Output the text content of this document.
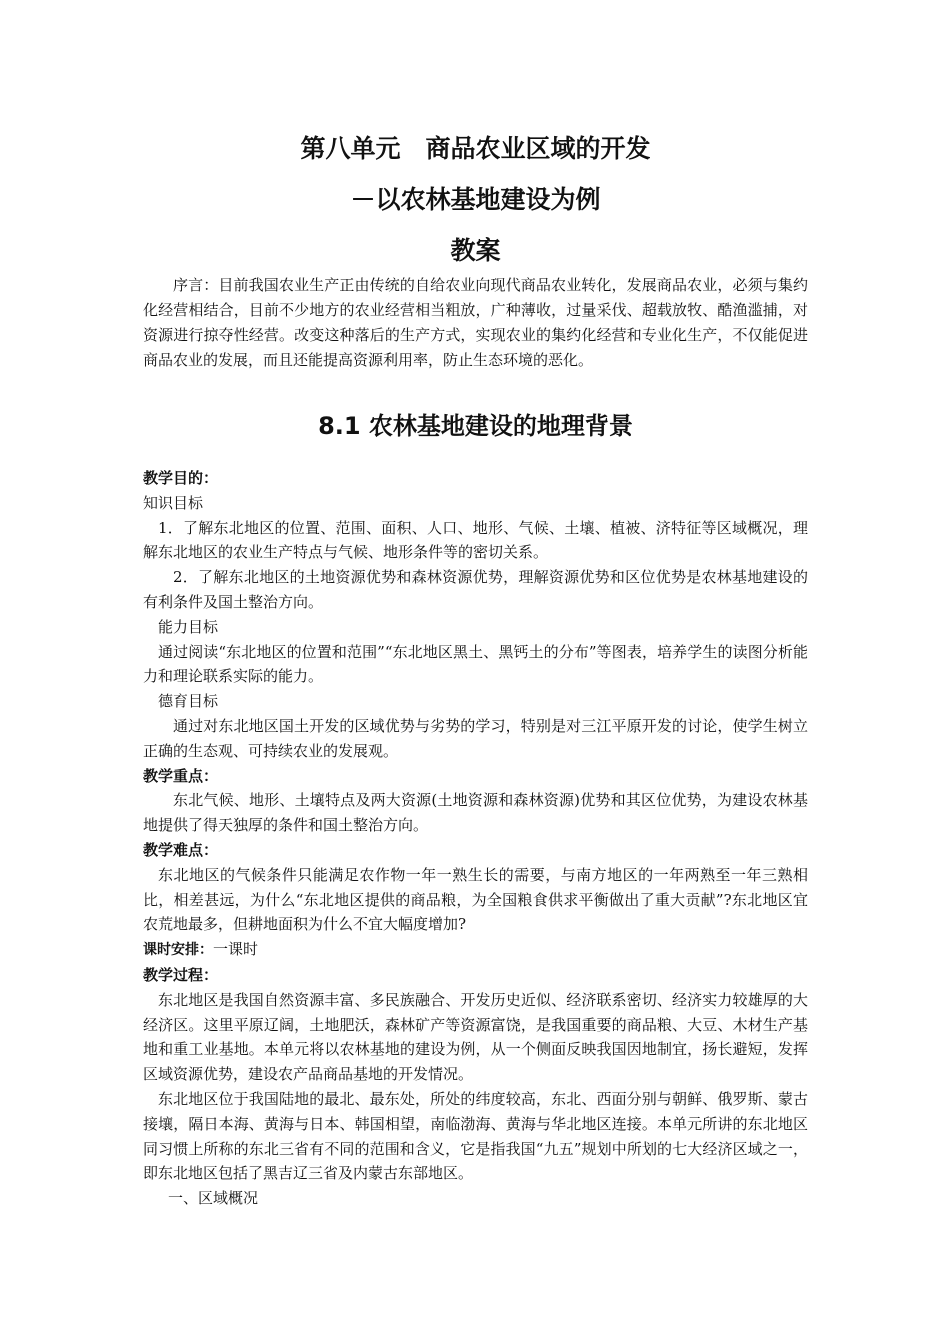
第八单元　商品农业区域的开发
－以农林基地建设为例
教案

序言：目前我国农业生产正由传统的自给农业向现代商品农业转化，发展商品农业，必须与集约化经营相结合，目前不少地方的农业经营相当粗放，广种薄收，过量采伐、超载放牧、酷渔滥捕，对资源进行掠夺性经营。改变这种落后的生产方式，实现农业的集约化经营和专业化生产，不仅能促进商品农业的发展，而且还能提高资源利用率，防止生态环境的恶化。

8.1 农林基地建设的地理背景

教学目的：

知识目标

1．了解东北地区的位置、范围、面积、人口、地形、气候、土壤、植被、济特征等区域概况，理解东北地区的农业生产特点与气候、地形条件等的密切关系。

2．了解东北地区的土地资源优势和森林资源优势，理解资源优势和区位优势是农林基地建设的有利条件及国土整治方向。

能力目标

通过阅读“东北地区的位置和范围”“东北地区黑土、黑钙土的分布”等图表，培养学生的读图分析能力和理论联系实际的能力。

德育目标

通过对东北地区国土开发的区域优势与劣势的学习，特别是对三江平原开发的讨论，使学生树立正确的生态观、可持续农业的发展观。

教学重点：

东北气候、地形、土壤特点及两大资源(土地资源和森林资源)优势和其区位优势，为建设农林基地提供了得天独厚的条件和国土整治方向。

教学难点：

东北地区的气候条件只能满足农作物一年一熟生长的需要，与南方地区的一年两熟至一年三熟相比，相差甚远，为什么“东北地区提供的商品粮，为全国粮食供求平衡做出了重大贡献”?东北地区宜农荒地最多，但耕地面积为什么不宜大幅度增加?

课时安排：一课时

教学过程：

东北地区是我国自然资源丰富、多民族融合、开发历史近似、经济联系密切、经济实力较雄厚的大经济区。这里平原辽阔，土地肥沃，森林矿产等资源富饶，是我国重要的商品粮、大豆、木材生产基地和重工业基地。本单元将以农林基地的建设为例，从一个侧面反映我国因地制宜，扬长避短，发挥区域资源优势，建设农产品商品基地的开发情况。

东北地区位于我国陆地的最北、最东处，所处的纬度较高，东北、西面分别与朝鲜、俄罗斯、蒙古接壤，隔日本海、黄海与日本、韩国相望，南临渤海、黄海与华北地区连接。本单元所讲的东北地区同习惯上所称的东北三省有不同的范围和含义，它是指我国“九五”规划中所划的七大经济区域之一，即东北地区包括了黑吉辽三省及内蒙古东部地区。

一、区域概况
